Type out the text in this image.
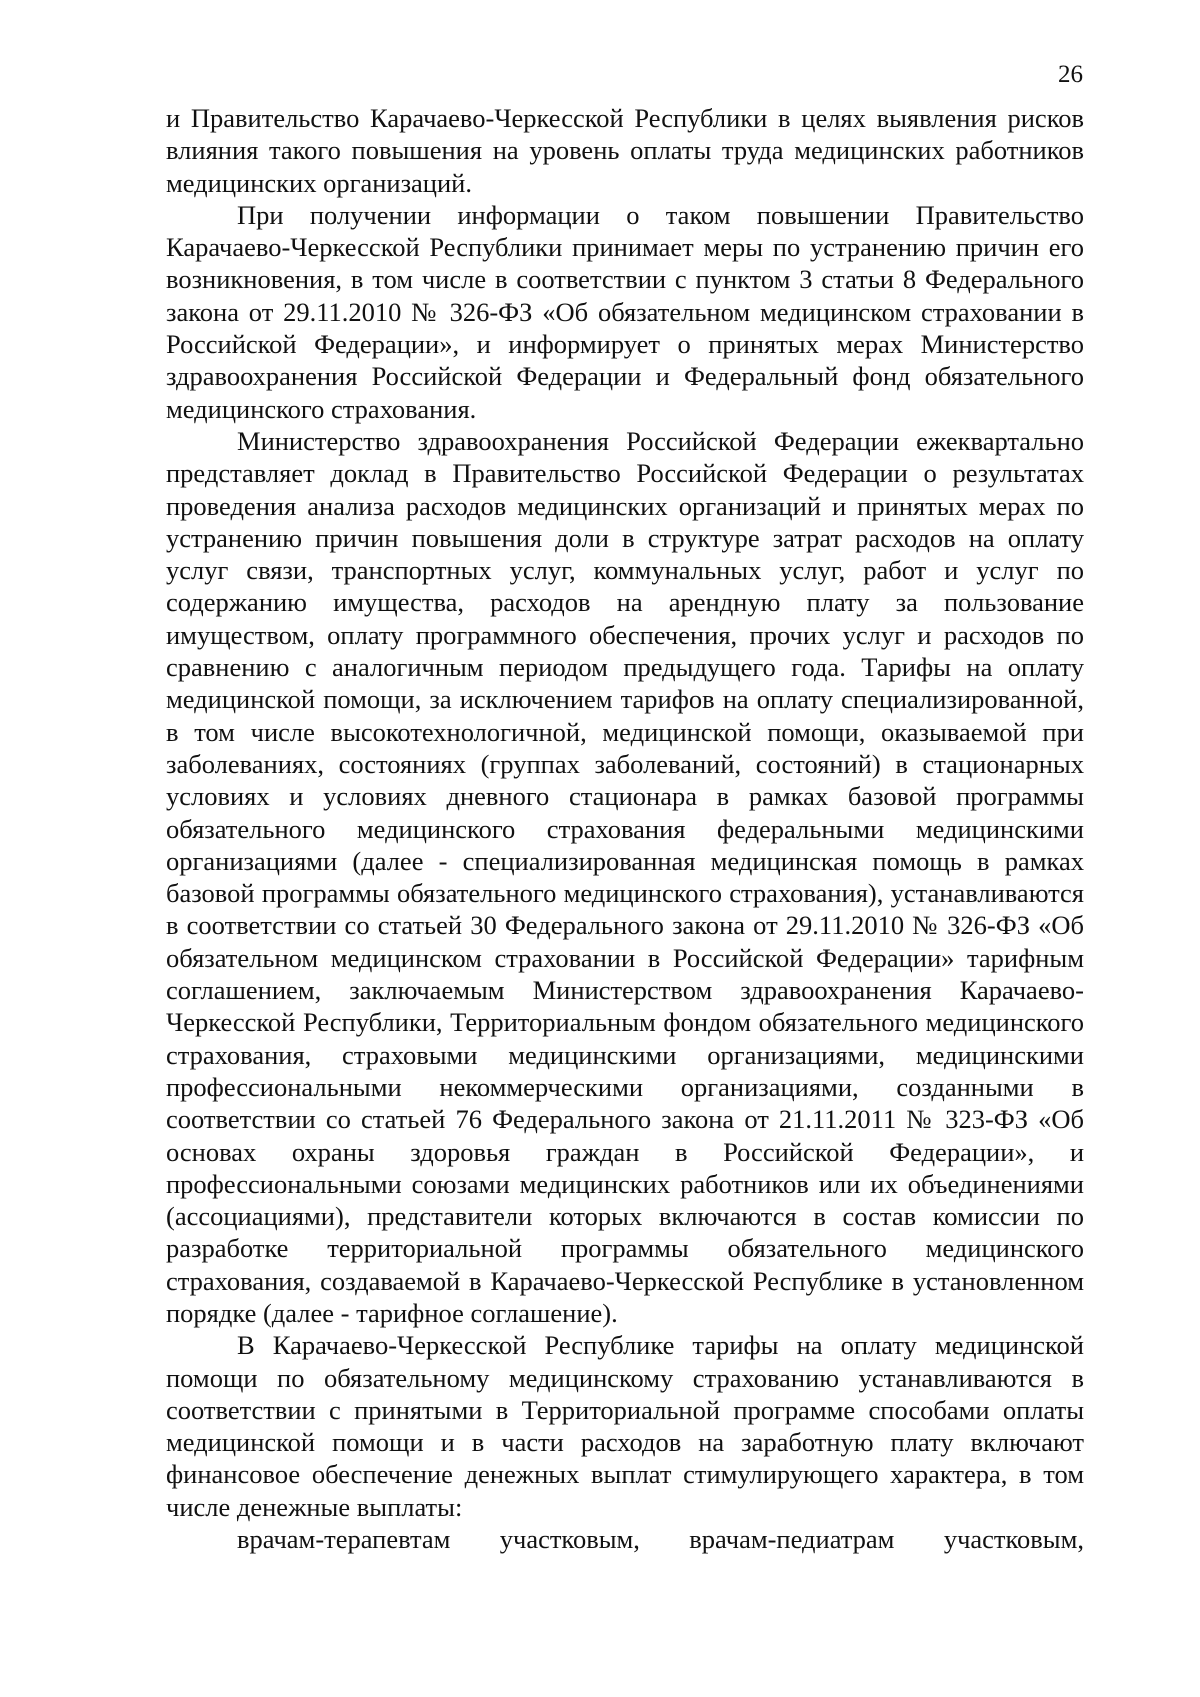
26

и Правительство Карачаево-Черкесской Республики в целях выявления рисков влияния такого повышения на уровень оплаты труда медицинских работников медицинских организаций.

При получении информации о таком повышении Правительство Карачаево-Черкесской Республики принимает меры по устранению причин его возникновения, в том числе в соответствии с пунктом 3 статьи 8 Федерального закона от 29.11.2010 № 326-ФЗ «Об обязательном медицинском страховании в Российской Федерации», и информирует о принятых мерах Министерство здравоохранения Российской Федерации и Федеральный фонд обязательного медицинского страхования.

Министерство здравоохранения Российской Федерации ежеквартально представляет доклад в Правительство Российской Федерации о результатах проведения анализа расходов медицинских организаций и принятых мерах по устранению причин повышения доли в структуре затрат расходов на оплату услуг связи, транспортных услуг, коммунальных услуг, работ и услуг по содержанию имущества, расходов на арендную плату за пользование имуществом, оплату программного обеспечения, прочих услуг и расходов по сравнению с аналогичным периодом предыдущего года. Тарифы на оплату медицинской помощи, за исключением тарифов на оплату специализированной, в том числе высокотехнологичной, медицинской помощи, оказываемой при заболеваниях, состояниях (группах заболеваний, состояний) в стационарных условиях и условиях дневного стационара в рамках базовой программы обязательного медицинского страхования федеральными медицинскими организациями (далее - специализированная медицинская помощь в рамках базовой программы обязательного медицинского страхования), устанавливаются в соответствии со статьей 30 Федерального закона от 29.11.2010 № 326-ФЗ «Об обязательном медицинском страховании в Российской Федерации» тарифным соглашением, заключаемым Министерством здравоохранения Карачаево-Черкесской Республики, Территориальным фондом обязательного медицинского страхования, страховыми медицинскими организациями, медицинскими профессиональными некоммерческими организациями, созданными в соответствии со статьей 76 Федерального закона от 21.11.2011 № 323-ФЗ «Об основах охраны здоровья граждан в Российской Федерации», и профессиональными союзами медицинских работников или их объединениями (ассоциациями), представители которых включаются в состав комиссии по разработке территориальной программы обязательного медицинского страхования, создаваемой в Карачаево-Черкесской Республике в установленном порядке (далее - тарифное соглашение).

В Карачаево-Черкесской Республике тарифы на оплату медицинской помощи по обязательному медицинскому страхованию устанавливаются в соответствии с принятыми в Территориальной программе способами оплаты медицинской помощи и в части расходов на заработную плату включают финансовое обеспечение денежных выплат стимулирующего характера, в том числе денежные выплаты:

врачам-терапевтам участковым, врачам-педиатрам участковым,
